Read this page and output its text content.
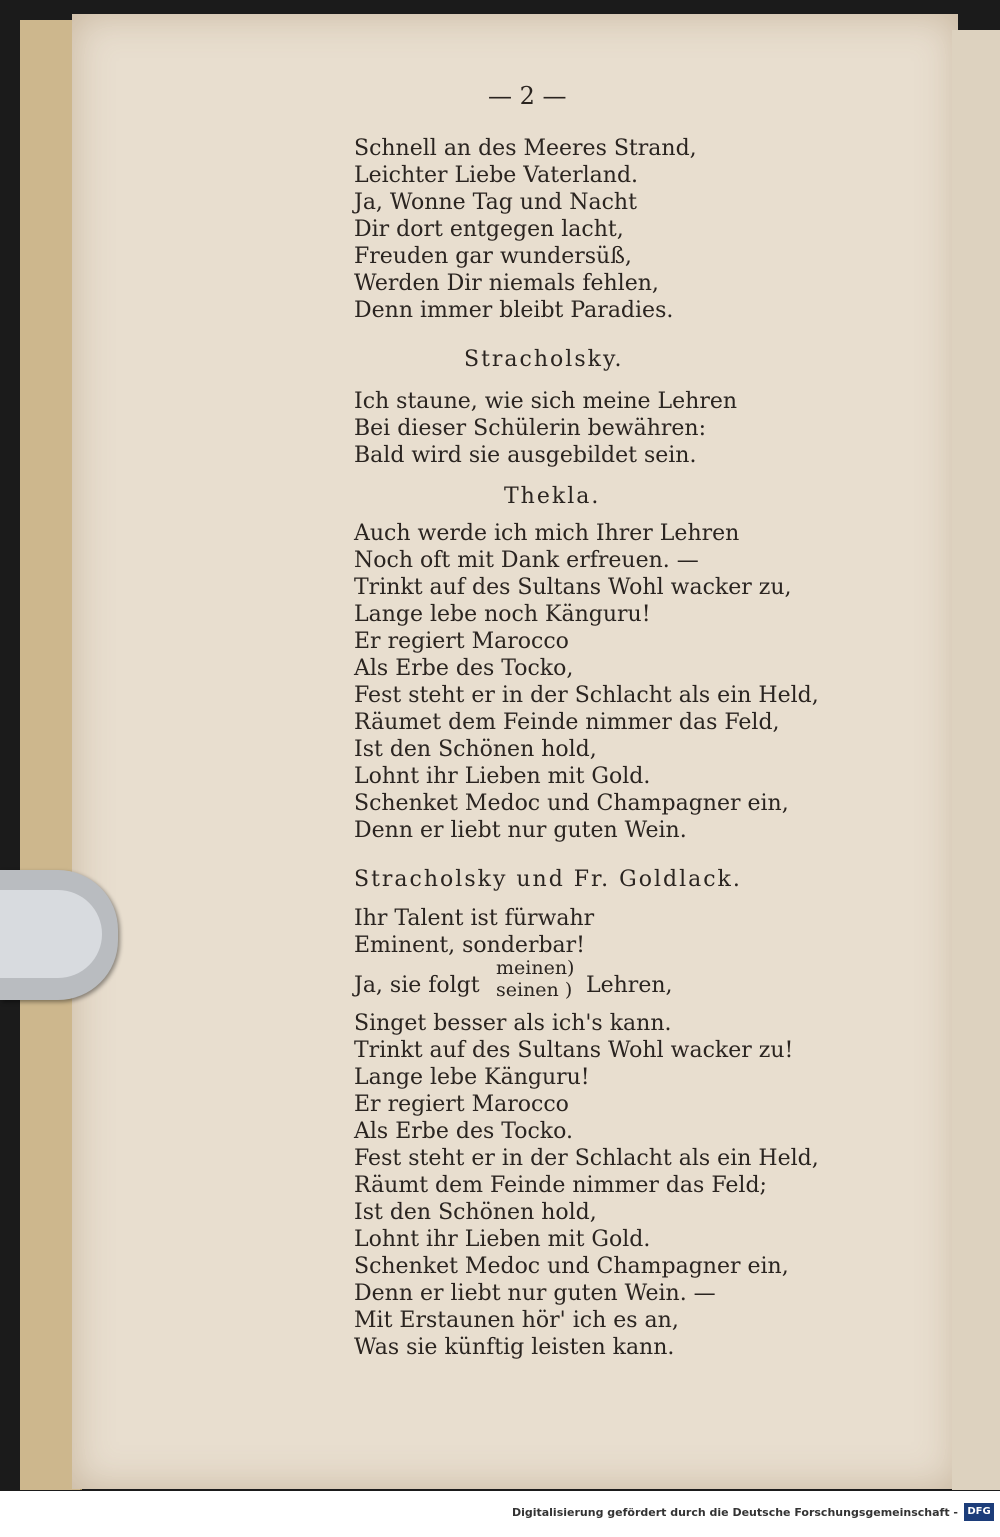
— 2 —
Schnell an des Meeres Strand,
Leichter Liebe Vaterland.
Ja, Wonne Tag und Nacht
Dir dort entgegen lacht,
Freuden gar wundersüß,
Werden Dir niemals fehlen,
Denn immer bleibt Paradies.
Stracholsky.
Ich staune, wie sich meine Lehren
Bei dieser Schülerin bewähren:
Bald wird sie ausgebildet sein.
Thekla.
Auch werde ich mich Ihrer Lehren
Noch oft mit Dank erfreuen. —
Trinkt auf des Sultans Wohl wacker zu,
Lange lebe noch Känguru!
Er regiert Marocco
Als Erbe des Tocko,
Fest steht er in der Schlacht als ein Held,
Räumet dem Feinde nimmer das Feld,
Ist den Schönen hold,
Lohnt ihr Lieben mit Gold.
Schenket Medoc und Champagner ein,
Denn er liebt nur guten Wein.
Stracholsky und Fr. Goldlack.
Ihr Talent ist fürwahr
Eminent, sonderbar!
Ja, sie folgt
meinen)
seinen ) Lehren,
Singet besser als ich's kann.
Trinkt auf des Sultans Wohl wacker zu!
Lange lebe Känguru!
Er regiert Marocco
Als Erbe des Tocko.
Fest steht er in der Schlacht als ein Held,
Räumt dem Feinde nimmer das Feld;
Ist den Schönen hold,
Lohnt ihr Lieben mit Gold.
Schenket Medoc und Champagner ein,
Denn er liebt nur guten Wein. —
Mit Erstaunen hör' ich es an,
Was sie künftig leisten kann.
Digitalisierung gefördert durch die Deutsche Forschungsgemeinschaft - DFG
